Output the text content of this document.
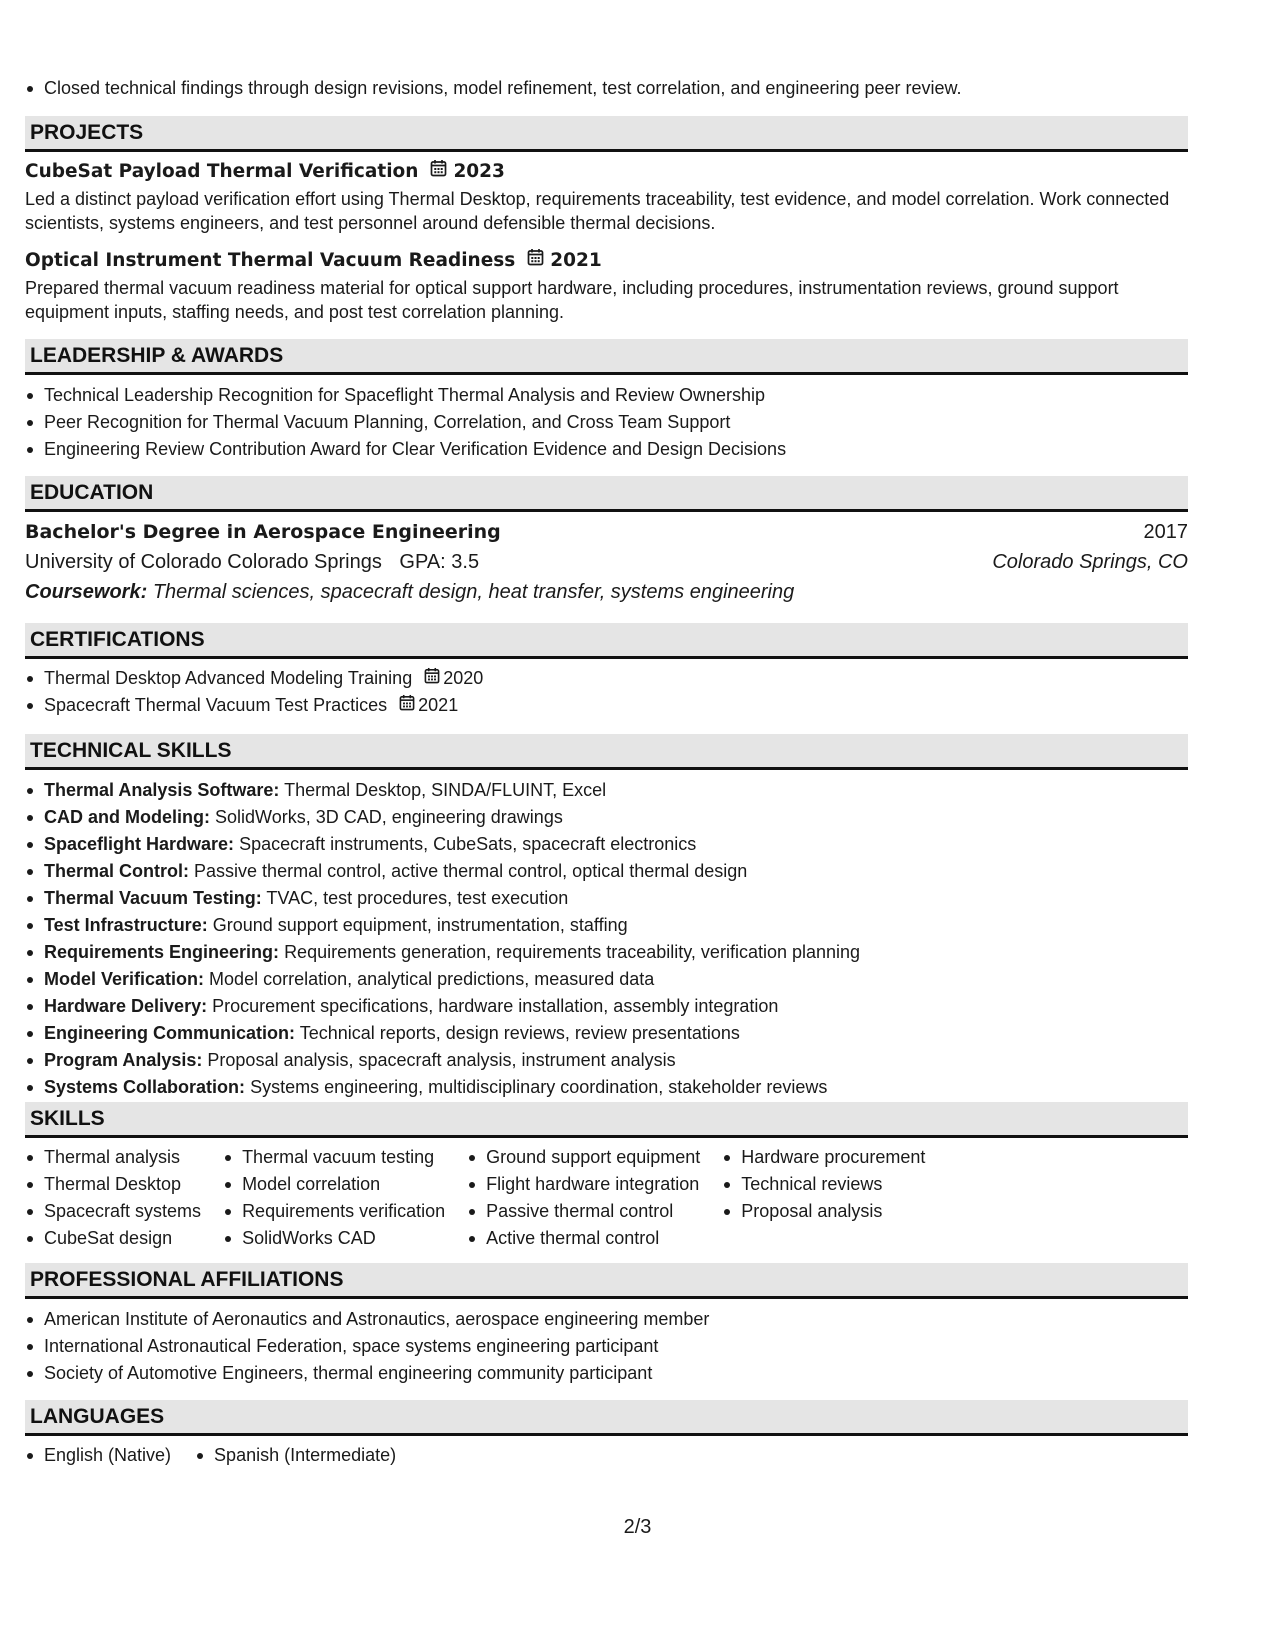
Closed technical findings through design revisions, model refinement, test correlation, and engineering peer review.
PROJECTS
CubeSat Payload Thermal Verification 2023
Led a distinct payload verification effort using Thermal Desktop, requirements traceability, test evidence, and model correlation. Work connected scientists, systems engineers, and test personnel around defensible thermal decisions.
Optical Instrument Thermal Vacuum Readiness 2021
Prepared thermal vacuum readiness material for optical support hardware, including procedures, instrumentation reviews, ground support equipment inputs, staffing needs, and post test correlation planning.
LEADERSHIP & AWARDS
Technical Leadership Recognition for Spaceflight Thermal Analysis and Review Ownership
Peer Recognition for Thermal Vacuum Planning, Correlation, and Cross Team Support
Engineering Review Contribution Award for Clear Verification Evidence and Design Decisions
EDUCATION
Bachelor's Degree in Aerospace Engineering	2017
University of Colorado Colorado Springs GPA: 3.5	Colorado Springs, CO
Coursework: Thermal sciences, spacecraft design, heat transfer, systems engineering
CERTIFICATIONS
Thermal Desktop Advanced Modeling Training 2020
Spacecraft Thermal Vacuum Test Practices 2021
TECHNICAL SKILLS
Thermal Analysis Software: Thermal Desktop, SINDA/FLUINT, Excel
CAD and Modeling: SolidWorks, 3D CAD, engineering drawings
Spaceflight Hardware: Spacecraft instruments, CubeSats, spacecraft electronics
Thermal Control: Passive thermal control, active thermal control, optical thermal design
Thermal Vacuum Testing: TVAC, test procedures, test execution
Test Infrastructure: Ground support equipment, instrumentation, staffing
Requirements Engineering: Requirements generation, requirements traceability, verification planning
Model Verification: Model correlation, analytical predictions, measured data
Hardware Delivery: Procurement specifications, hardware installation, assembly integration
Engineering Communication: Technical reports, design reviews, review presentations
Program Analysis: Proposal analysis, spacecraft analysis, instrument analysis
Systems Collaboration: Systems engineering, multidisciplinary coordination, stakeholder reviews
SKILLS
Thermal analysis
Thermal Desktop
Spacecraft systems
CubeSat design
Thermal vacuum testing
Model correlation
Requirements verification
SolidWorks CAD
Ground support equipment
Flight hardware integration
Passive thermal control
Active thermal control
Hardware procurement
Technical reviews
Proposal analysis
PROFESSIONAL AFFILIATIONS
American Institute of Aeronautics and Astronautics, aerospace engineering member
International Astronautical Federation, space systems engineering participant
Society of Automotive Engineers, thermal engineering community participant
LANGUAGES
English (Native)	Spanish (Intermediate)
2/3
